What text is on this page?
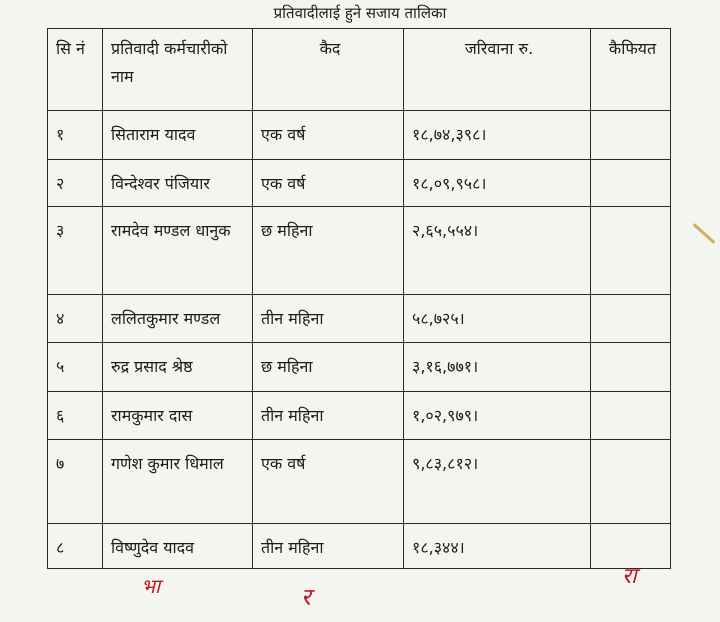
प्रतिवादीलाई हुने सजाय तालिका
सि नं	प्रतिवादी कर्मचारीको नाम	कैद	जरिवाना रु.	कैफियत
१	सिताराम यादव	एक वर्ष	१८,७४,३९८।	
२	विन्देश्वर पंजियार	एक वर्ष	१८,०९,९५८।	
३	रामदेव मण्डल धानुक	छ महिना	२,६५,५५४।	
४	ललितकुमार मण्डल	तीन महिना	५८,७२५।	
५	रुद्र प्रसाद श्रेष्ठ	छ महिना	३,१६,७७१।	
६	रामकुमार दास	तीन महिना	१,०२,९७९।	
७	गणेश कुमार धिमाल	एक वर्ष	९,८३,८१२।	
८	विष्णुदेव यादव	तीन महिना	१८,३४४।	
भा	र
रा
